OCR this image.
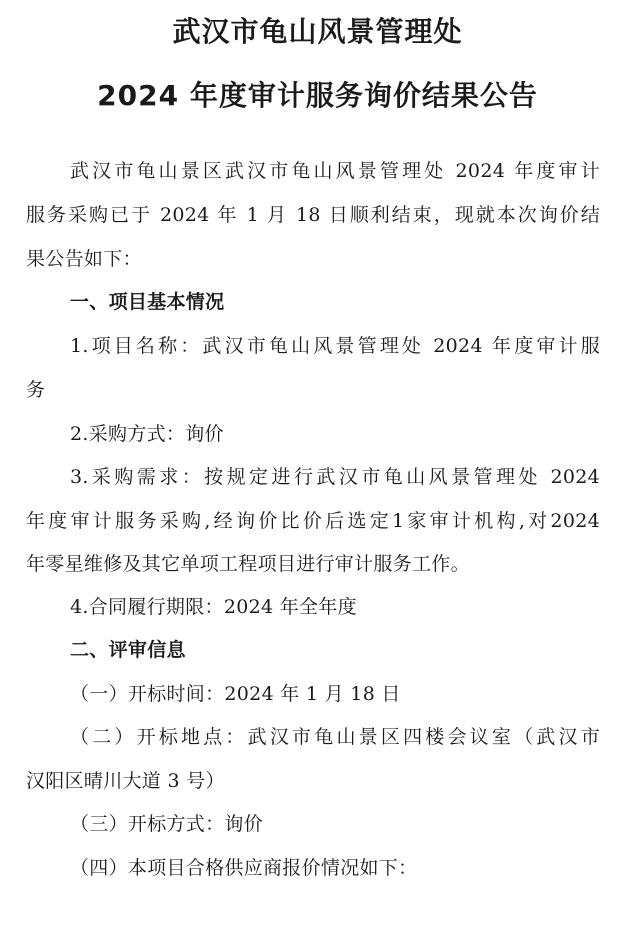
武汉市龟山风景管理处
2024 年度审计服务询价结果公告
武汉市龟山景区武汉市龟山风景管理处 2024 年度审计
服务采购已于 2024 年 1 月 18 日顺利结束，现就本次询价结
果公告如下：
一、项目基本情况
1.项目名称：武汉市龟山风景管理处 2024 年度审计服
务
2.采购方式：询价
3.采购需求：按规定进行武汉市龟山风景管理处 2024
年度审计服务采购,经询价比价后选定1家审计机构,对2024
年零星维修及其它单项工程项目进行审计服务工作。
4.合同履行期限：2024 年全年度
二、评审信息
（一）开标时间：2024 年 1 月 18 日
（二）开标地点：武汉市龟山景区四楼会议室（武汉市
汉阳区晴川大道 3 号）
（三）开标方式：询价
（四）本项目合格供应商报价情况如下：
